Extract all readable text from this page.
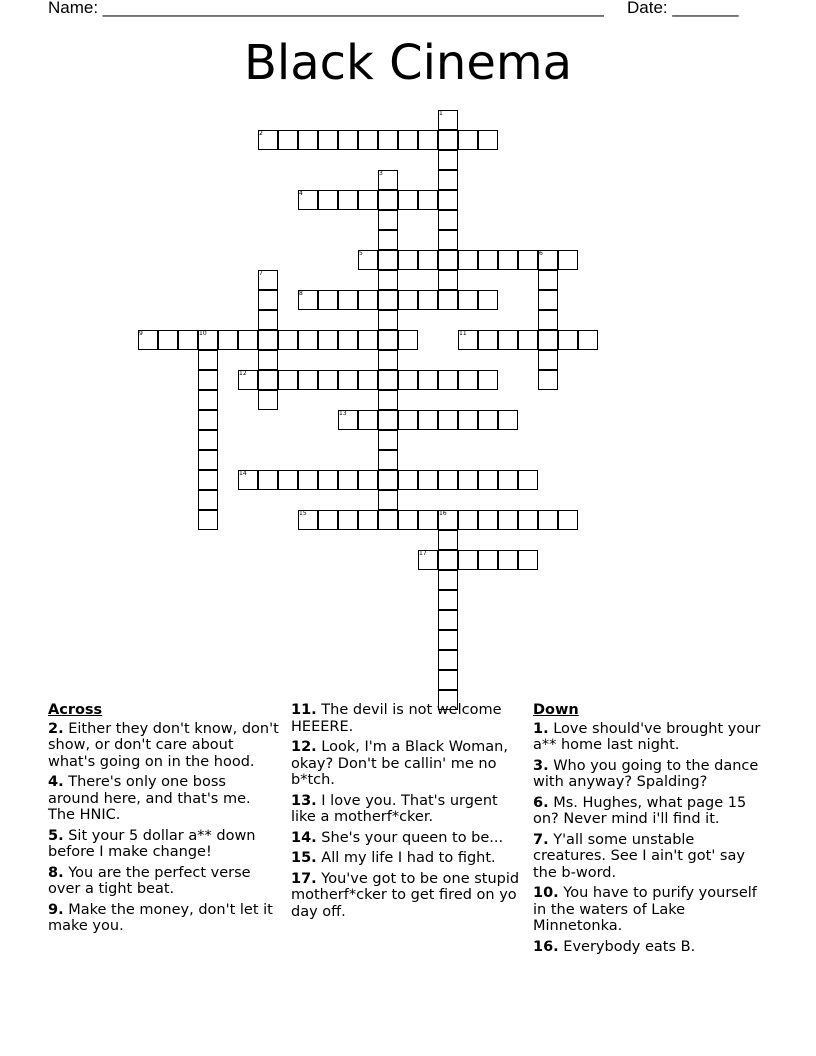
Name: _____________________________________________________ Date: _______
Black Cinema
2
4
5
8
9	11
12
13
14
15
17
1
3
6
7
10
16
Across
2. Either they don't know, don't show, or don't care about what's going on in the hood.
4. There's only one boss around here, and that's me. The HNIC.
5. Sit your 5 dollar a** down before I make change!
8. You are the perfect verse over a tight beat.
9. Make the money, don't let it make you.
11. The devil is not welcome HEEERE.
12. Look, I'm a Black Woman, okay? Don't be callin' me no b*tch.
13. I love you. That's urgent like a motherf*cker.
14. She's your queen to be...
15. All my life I had to fight.
17. You've got to be one stupid motherf*cker to get fired on yo day off.
Down
1. Love should've brought your a** home last night.
3. Who you going to the dance with anyway? Spalding?
6. Ms. Hughes, what page 15 on? Never mind i'll find it.
7. Y'all some unstable creatures. See I ain't got' say the b-word.
10. You have to purify yourself in the waters of Lake Minnetonka.
16. Everybody eats B.
